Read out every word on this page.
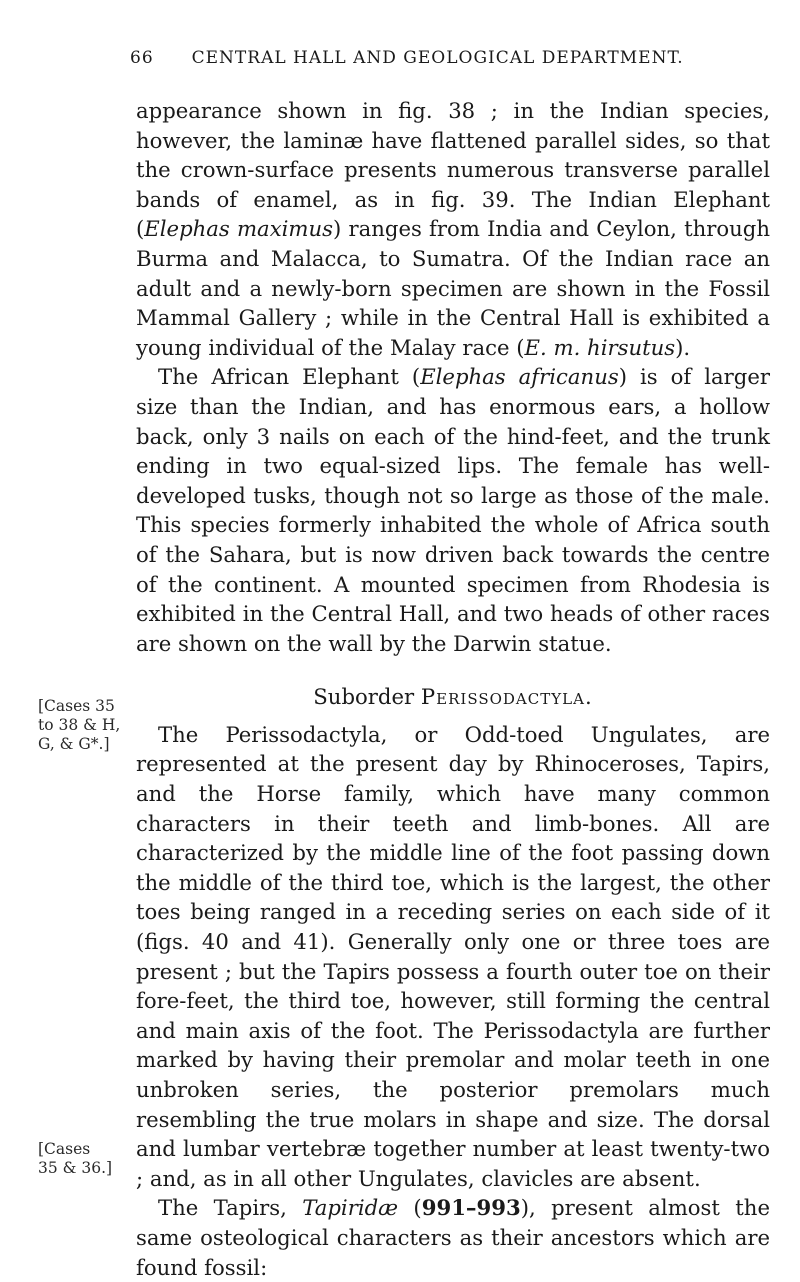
66 CENTRAL HALL AND GEOLOGICAL DEPARTMENT.

appearance shown in fig. 38 ; in the Indian species, however, the laminæ have flattened parallel sides, so that the crown-surface presents numerous transverse parallel bands of enamel, as in fig. 39. The Indian Elephant (Elephas maximus) ranges from India and Ceylon, through Burma and Malacca, to Sumatra. Of the Indian race an adult and a newly-born specimen are shown in the Fossil Mammal Gallery ; while in the Central Hall is exhibited a young individual of the Malay race (E. m. hirsutus).

The African Elephant (Elephas africanus) is of larger size than the Indian, and has enormous ears, a hollow back, only 3 nails on each of the hind-feet, and the trunk ending in two equal-sized lips. The female has well-developed tusks, though not so large as those of the male. This species formerly inhabited the whole of Africa south of the Sahara, but is now driven back towards the centre of the continent. A mounted specimen from Rhodesia is exhibited in the Central Hall, and two heads of other races are shown on the wall by the Darwin statue.

Suborder Perissodactyla.

The Perissodactyla, or Odd-toed Ungulates, are represented at the present day by Rhinoceroses, Tapirs, and the Horse family, which have many common characters in their teeth and limb-bones. All are characterized by the middle line of the foot passing down the middle of the third toe, which is the largest, the other toes being ranged in a receding series on each side of it (figs. 40 and 41). Generally only one or three toes are present ; but the Tapirs possess a fourth outer toe on their fore-feet, the third toe, however, still forming the central and main axis of the foot. The Perissodactyla are further marked by having their premolar and molar teeth in one unbroken series, the posterior premolars much resembling the true molars in shape and size. The dorsal and lumbar vertebræ together number at least twenty-two ; and, as in all other Ungulates, clavicles are absent.

The Tapirs, Tapiridæ (991–993), present almost the same osteological characters as their ancestors which are found fossil:

[Cases 35
to 38 & H,
G, & G*.]
[Cases
35 & 36.]
